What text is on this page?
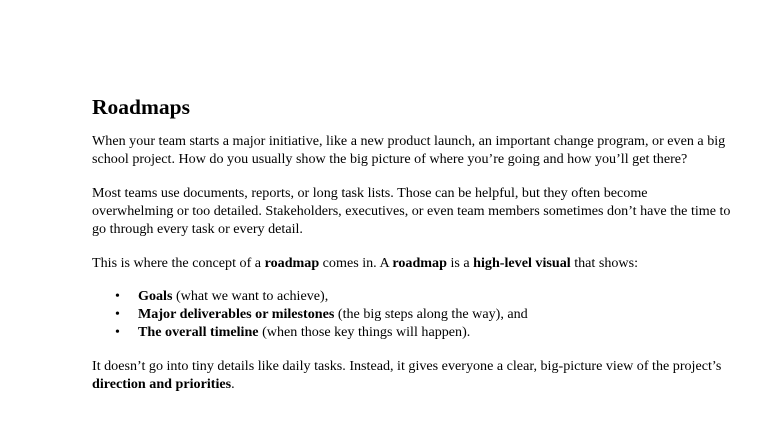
Roadmaps

When your team starts a major initiative, like a new product launch, an important change program, or even a big school project. How do you usually show the big picture of where you’re going and how you’ll get there?

Most teams use documents, reports, or long task lists. Those can be helpful, but they often become overwhelming or too detailed. Stakeholders, executives, or even team members sometimes don’t have the time to go through every task or every detail.

This is where the concept of a roadmap comes in. A roadmap is a high-level visual that shows:

• Goals (what we want to achieve),
• Major deliverables or milestones (the big steps along the way), and
• The overall timeline (when those key things will happen).

It doesn’t go into tiny details like daily tasks. Instead, it gives everyone a clear, big-picture view of the project’s direction and priorities.
